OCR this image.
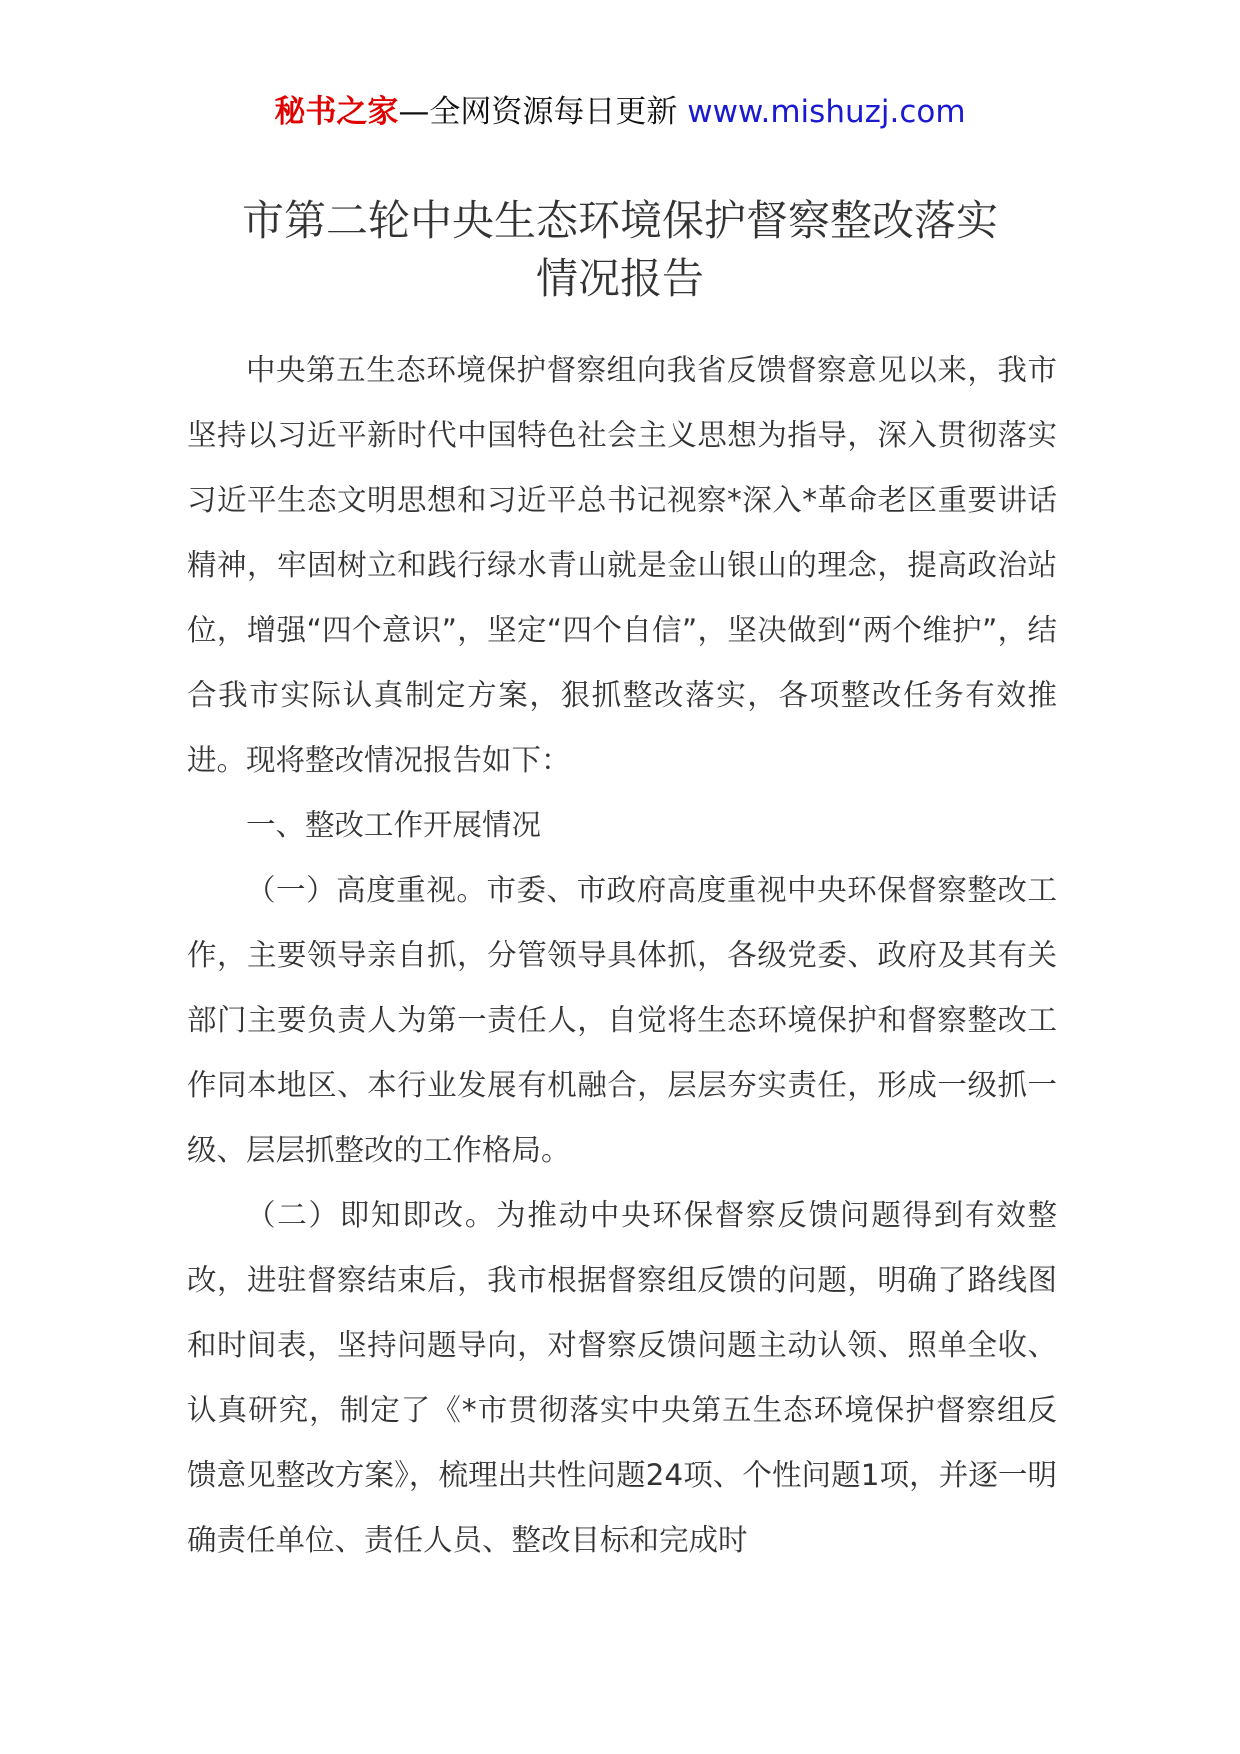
秘书之家—全网资源每日更新 www.mishuzj.com
市第二轮中央生态环境保护督察整改落实
情况报告

中央第五生态环境保护督察组向我省反馈督察意见以来，我市坚持以习近平新时代中国特色社会主义思想为指导，深入贯彻落实习近平生态文明思想和习近平总书记视察*深入*革命老区重要讲话精神，牢固树立和践行绿水青山就是金山银山的理念，提高政治站位，增强“四个意识”，坚定“四个自信”，坚决做到“两个维护”，结合我市实际认真制定方案，狠抓整改落实，各项整改任务有效推进。现将整改情况报告如下：

一、整改工作开展情况

（一）高度重视。市委、市政府高度重视中央环保督察整改工作，主要领导亲自抓，分管领导具体抓，各级党委、政府及其有关部门主要负责人为第一责任人，自觉将生态环境保护和督察整改工作同本地区、本行业发展有机融合，层层夯实责任，形成一级抓一级、层层抓整改的工作格局。

（二）即知即改。为推动中央环保督察反馈问题得到有效整改，进驻督察结束后，我市根据督察组反馈的问题，明确了路线图和时间表，坚持问题导向，对督察反馈问题主动认领、照单全收、认真研究，制定了《*市贯彻落实中央第五生态环境保护督察组反馈意见整改方案》，梳理出共性问题24项、个性问题1项，并逐一明确责任单位、责任人员、整改目标和完成时
